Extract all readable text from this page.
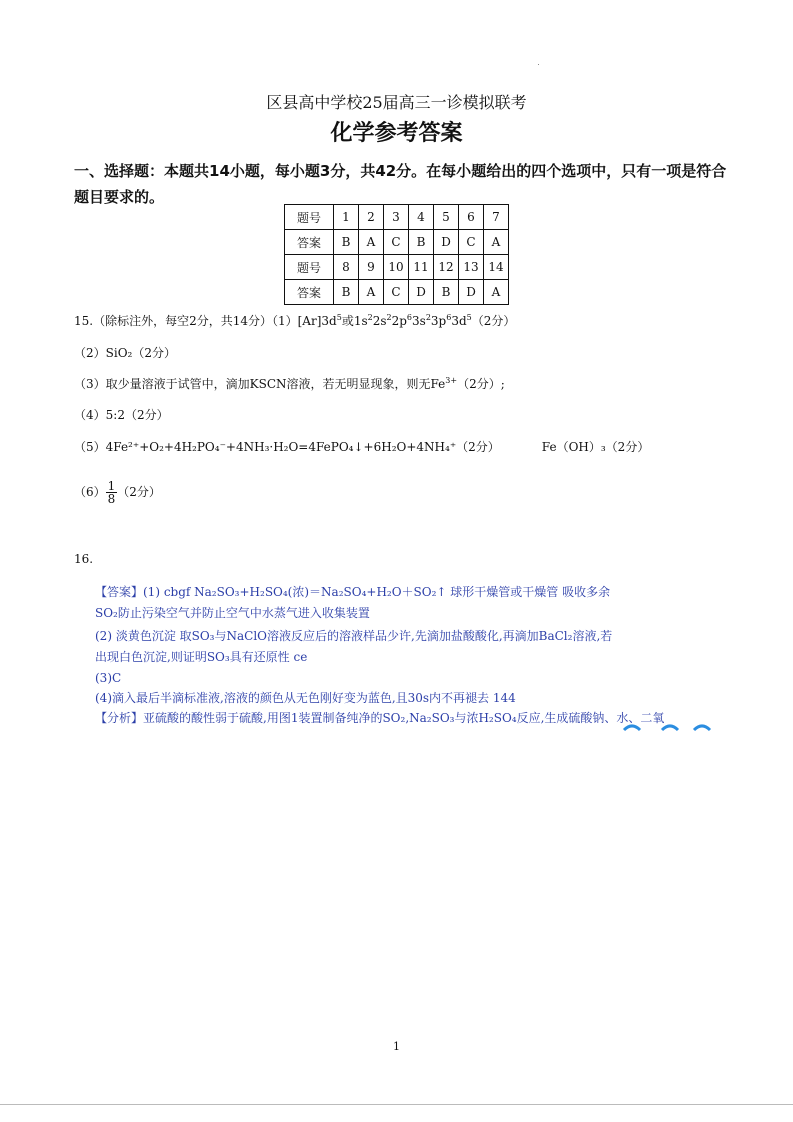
区县高中学校25届高三一诊模拟联考
化学参考答案
一、选择题：本题共14小题，每小题3分，共42分。在每小题给出的四个选项中，只有一项是符合题目要求的。
题号	1	2	3	4	5	6	7
答案	B	A	C	B	D	C	A
题号	8	9	10	11	12	13	14
答案	B	A	C	D	B	D	A
15.（除标注外，每空2分，共14分）$(1)[Ar]3d^5$或$1s^22s^22p^63s^23p^63d^5(2$分）
（2）SiO₂（2分）
（3）取少量溶液于试管中，滴加KSCN溶液，若无明显现象，则无$Fe^{3+}(2$分）;
（4）5:2（2分）
（5）4Fe²⁺+O₂+4H₂PO₄⁻+4NH₃·H₂O=4FePO₄↓+6H₂O+4NH₄⁺（2分）	Fe（OH）₃（2分）
$(6) \frac{1}{8} (2$分）
16.
【答案】(1) cbgf Na₂SO₃+H₂SO₄(浓)＝Na₂SO₄+H₂O＋SO₂↑ 球形干燥管或干燥管 吸收多余
SO₂防止污染空气并防止空气中水蒸气进入收集装置
(2) 淡黄色沉淀 取SO₃与NaClO溶液反应后的溶液样品少许,先滴加盐酸酸化,再滴加BaCl₂溶液,若
出现白色沉淀,则证明SO₃具有还原性 ce
(3)C
(4)滴入最后半滴标准液,溶液的颜色从无色刚好变为蓝色,且30s内不再褪去 144
【分析】亚硫酸的酸性弱于硫酸,用图1装置制备纯净的SO₂,Na₂SO₃与浓H₂SO₄反应,生成硫酸钠、水、二氧
1
